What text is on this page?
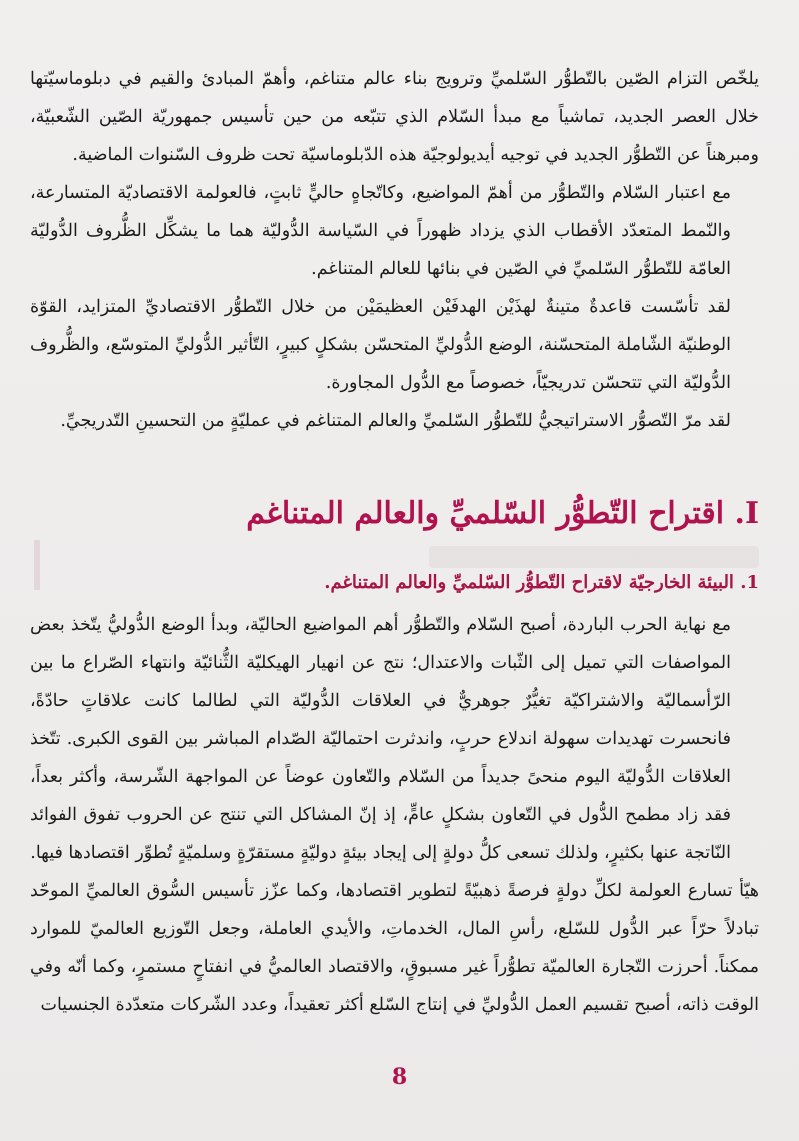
يلخّص التزام الصّين بالتّطوُّر السّلميِّ وترويج بناء عالم متناغم، وأهمّ المبادئ والقيم في دبلوماسيّتها خلال العصر الجديد، تماشياً مع مبدأ السّلام الذي تتبّعه من حين تأسيس جمهوريّة الصّين الشّعبيّة، ومبرهناً عن التّطوُّر الجديد في توجيه أيديولوجيّة هذه الدّبلوماسيّة تحت ظروف السّنوات الماضية.

مع اعتبار السّلام والتّطوُّر من أهمّ المواضيع، وكاتّجاهٍ حاليٍّ ثابتٍ، فالعولمة الاقتصاديّة المتسارعة، والنّمط المتعدّد الأقطاب الذي يزداد ظهوراً في السّياسة الدُّوليّة هما ما يشكِّل الظُّروف الدُّوليّة العامّة للتّطوُّر السّلميِّ في الصّين في بنائها للعالم المتناغم.

لقد تأسّست قاعدةٌ متينةٌ لهذَيْن الهدفَيْن العظيمَيْن من خلال التّطوُّر الاقتصاديِّ المتزايد، القوّة الوطنيّة الشّاملة المتحسّنة، الوضع الدُّوليِّ المتحسّن بشكلٍ كبيرٍ، التّأثير الدُّوليِّ المتوسّع، والظُّروف الدُّوليّة التي تتحسّن تدريجيّاً، خصوصاً مع الدُّول المجاورة.

لقد مرّ التّصوُّر الاستراتيجيُّ للتّطوُّر السّلميِّ والعالم المتناغم في عمليّةٍ من التحسينِ التّدريجيِّ.

I. اقتراح التّطوُّر السّلميِّ والعالم المتناغم
1. البيئة الخارجيّة لاقتراح التّطوُّر السّلميِّ والعالم المتناغم.

مع نهاية الحرب الباردة، أصبح السّلام والتّطوُّر أهم المواضيع الحاليّة، وبدأ الوضع الدُّوليُّ يتّخذ بعض المواصفات التي تميل إلى الثّبات والاعتدال؛ نتج عن انهيار الهيكليّة الثُّنائيّة وانتهاء الصّراع ما بين الرّأسماليّة والاشتراكيّة تغيُّرٌ جوهريٌّ في العلاقات الدُّوليّة التي لطالما كانت علاقاتٍ حادّةً، فانحسرت تهديدات سهولة اندلاع حربٍ، واندثرت احتماليّة الصّدام المباشر بين القوى الكبرى. تتّخذ العلاقات الدُّوليّة اليوم منحىً جديداً من السّلام والتّعاون عوضاً عن المواجهة الشّرسة، وأكثر بعداً، فقد زاد مطمح الدُّول في التّعاون بشكلٍ عامٍّ، إذ إنّ المشاكل التي تنتج عن الحروب تفوق الفوائد النّاتجة عنها بكثيرٍ، ولذلك تسعى كلُّ دولةٍ إلى إيجاد بيئةٍ دوليّةٍ مستقرّةٍ وسلميّةٍ تُطوِّر اقتصادها فيها.

هيّأ تسارع العولمة لكلِّ دولةٍ فرصةً ذهبيّةً لتطوير اقتصادها، وكما عزّز تأسيس السُّوق العالميِّ الموحّد تبادلاً حرّاً عبر الدُّول للسّلع، رأسِ المال، الخدماتِ، والأيدي العاملة، وجعل التّوزيع العالميّ للموارد ممكناً. أحرزت التّجارة العالميّة تطوُّراً غير مسبوقٍ، والاقتصاد العالميُّ في انفتاحٍ مستمرٍ، وكما أنّه وفي الوقت ذاته، أصبح تقسيم العمل الدُّوليِّ في إنتاج السّلع أكثر تعقيداً، وعدد الشّركات متعدّدة الجنسيات

8
